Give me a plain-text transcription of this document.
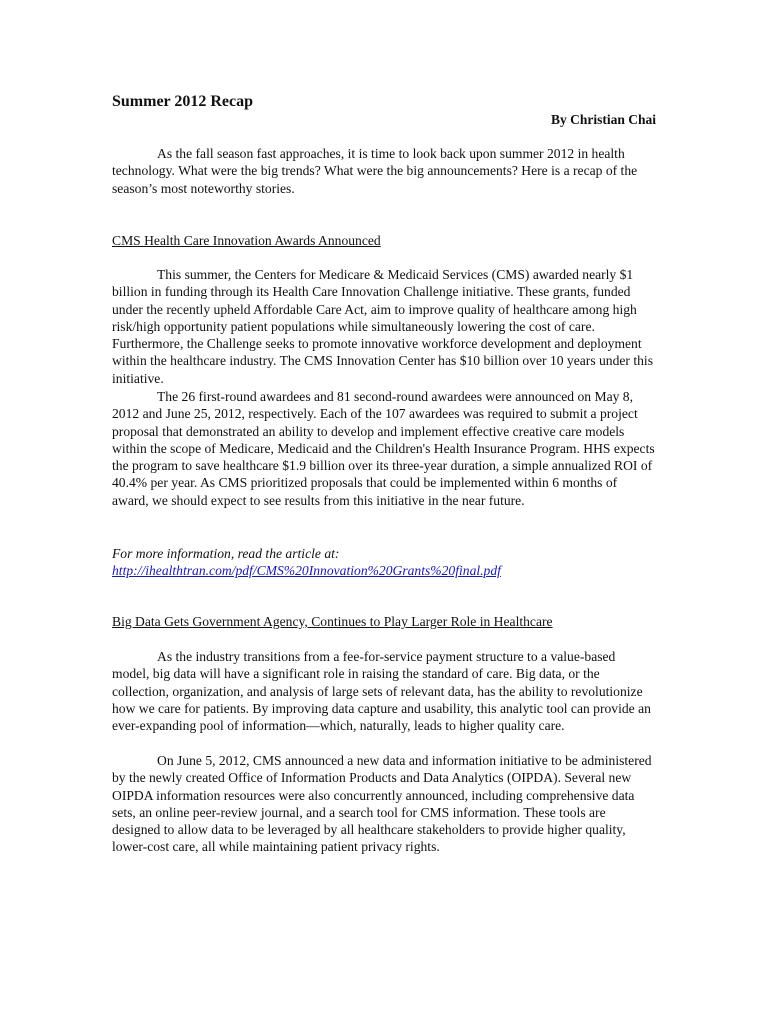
Summer 2012 Recap
By Christian Chai

As the fall season fast approaches, it is time to look back upon summer 2012 in health technology. What were the big trends? What were the big announcements? Here is a recap of the season’s most noteworthy stories.

CMS Health Care Innovation Awards Announced

This summer, the Centers for Medicare & Medicaid Services (CMS) awarded nearly $1 billion in funding through its Health Care Innovation Challenge initiative. These grants, funded under the recently upheld Affordable Care Act, aim to improve quality of healthcare among high risk/high opportunity patient populations while simultaneously lowering the cost of care. Furthermore, the Challenge seeks to promote innovative workforce development and deployment within the healthcare industry. The CMS Innovation Center has $10 billion over 10 years under this initiative.

The 26 first-round awardees and 81 second-round awardees were announced on May 8, 2012 and June 25, 2012, respectively. Each of the 107 awardees was required to submit a project proposal that demonstrated an ability to develop and implement effective creative care models within the scope of Medicare, Medicaid and the Children's Health Insurance Program. HHS expects the program to save healthcare $1.9 billion over its three-year duration, a simple annualized ROI of 40.4% per year. As CMS prioritized proposals that could be implemented within 6 months of award, we should expect to see results from this initiative in the near future.

For more information, read the article at:
http://ihealthtran.com/pdf/CMS%20Innovation%20Grants%20final.pdf
Big Data Gets Government Agency, Continues to Play Larger Role in Healthcare

As the industry transitions from a fee-for-service payment structure to a value-based model, big data will have a significant role in raising the standard of care. Big data, or the collection, organization, and analysis of large sets of relevant data, has the ability to revolutionize how we care for patients. By improving data capture and usability, this analytic tool can provide an ever-expanding pool of information—which, naturally, leads to higher quality care.

On June 5, 2012, CMS announced a new data and information initiative to be administered by the newly created Office of Information Products and Data Analytics (OIPDA). Several new OIPDA information resources were also concurrently announced, including comprehensive data sets, an online peer-review journal, and a search tool for CMS information. These tools are designed to allow data to be leveraged by all healthcare stakeholders to provide higher quality, lower-cost care, all while maintaining patient privacy rights.
